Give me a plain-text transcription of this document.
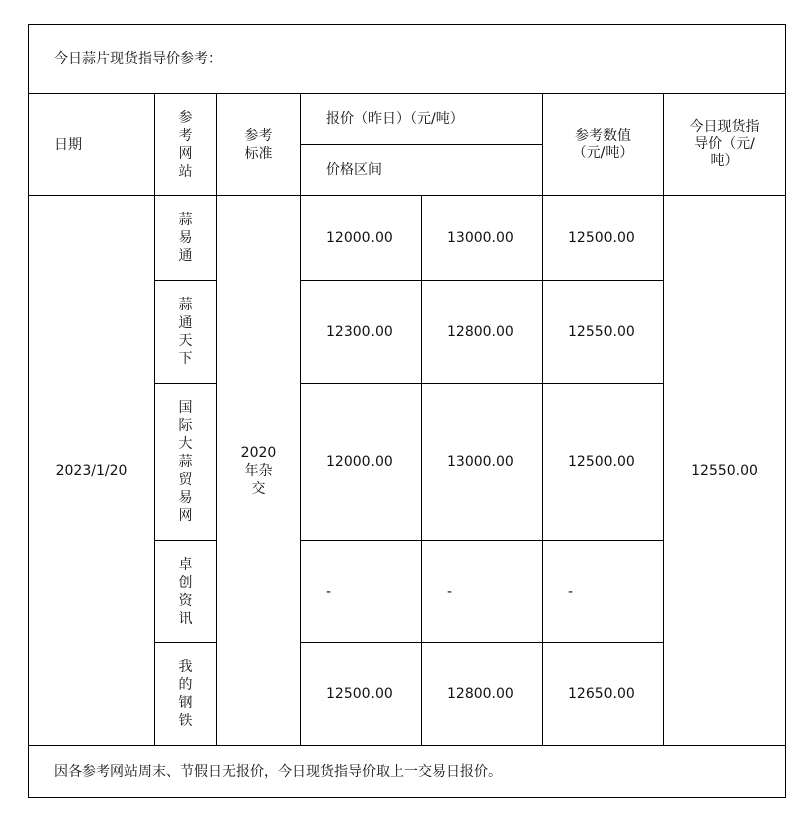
今日蒜片现货指导价参考：						
日期	参考网站	参考标准	报价（昨日）（元/吨）		参考数值（元/吨）	今日现货指导价（元/吨）
			价格区间			
2023/1/20	蒜易通	2020年杂交	12000.00	13000.00	12500.00	12550.00
	蒜通天下		12300.00	12800.00	12550.00	
	国际大蒜贸易网		12000.00	13000.00	12500.00	
	卓创资讯		-	-	-	
	我的钢铁		12500.00	12800.00	12650.00	
因各参考网站周末、节假日无报价，今日现货指导价取上一交易日报价。						
